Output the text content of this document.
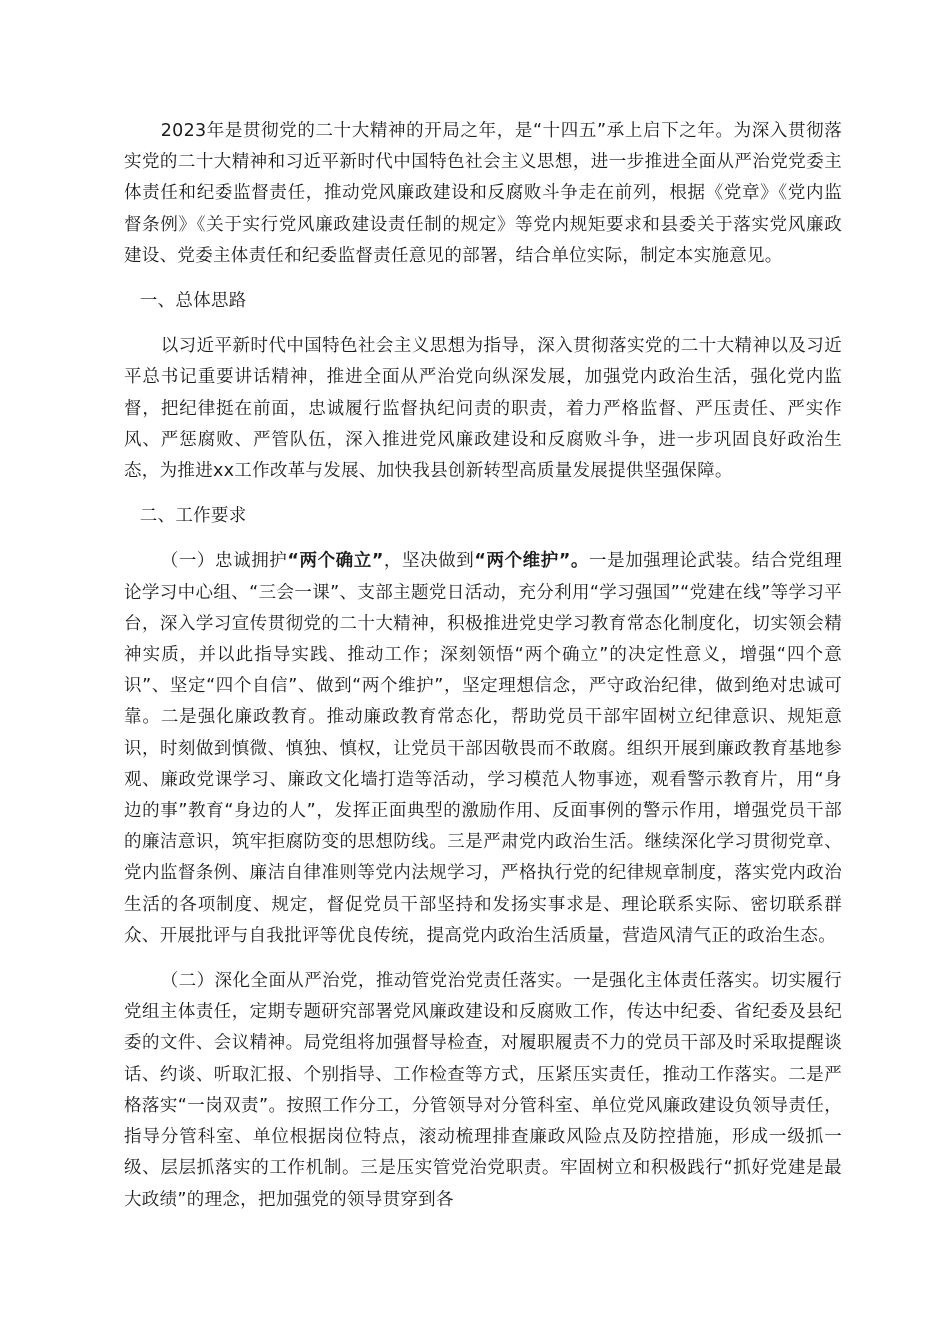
2023年是贯彻党的二十大精神的开局之年，是“十四五”承上启下之年。为深入贯彻落实党的二十大精神和习近平新时代中国特色社会主义思想，进一步推进全面从严治党党委主体责任和纪委监督责任，推动党风廉政建设和反腐败斗争走在前列，根据《党章》《党内监督条例》《关于实行党风廉政建设责任制的规定》等党内规矩要求和县委关于落实党风廉政建设、党委主体责任和纪委监督责任意见的部署，结合单位实际，制定本实施意见。

一、总体思路

以习近平新时代中国特色社会主义思想为指导，深入贯彻落实党的二十大精神以及习近平总书记重要讲话精神，推进全面从严治党向纵深发展，加强党内政治生活，强化党内监督，把纪律挺在前面，忠诚履行监督执纪问责的职责，着力严格监督、严压责任、严实作风、严惩腐败、严管队伍，深入推进党风廉政建设和反腐败斗争，进一步巩固良好政治生态，为推进xx工作改革与发展、加快我县创新转型高质量发展提供坚强保障。

二、工作要求

（一）忠诚拥护“两个确立”，坚决做到“两个维护”。一是加强理论武装。结合党组理论学习中心组、“三会一课”、支部主题党日活动，充分利用“学习强国”“党建在线”等学习平台，深入学习宣传贯彻党的二十大精神，积极推进党史学习教育常态化制度化，切实领会精神实质，并以此指导实践、推动工作；深刻领悟“两个确立”的决定性意义，增强“四个意识”、坚定“四个自信”、做到“两个维护”，坚定理想信念，严守政治纪律，做到绝对忠诚可靠。二是强化廉政教育。推动廉政教育常态化，帮助党员干部牢固树立纪律意识、规矩意识，时刻做到慎微、慎独、慎权，让党员干部因敬畏而不敢腐。组织开展到廉政教育基地参观、廉政党课学习、廉政文化墙打造等活动，学习模范人物事迹，观看警示教育片，用“身边的事”教育“身边的人”，发挥正面典型的激励作用、反面事例的警示作用，增强党员干部的廉洁意识，筑牢拒腐防变的思想防线。三是严肃党内政治生活。继续深化学习贯彻党章、党内监督条例、廉洁自律准则等党内法规学习，严格执行党的纪律规章制度，落实党内政治生活的各项制度、规定，督促党员干部坚持和发扬实事求是、理论联系实际、密切联系群众、开展批评与自我批评等优良传统，提高党内政治生活质量，营造风清气正的政治生态。

（二）深化全面从严治党，推动管党治党责任落实。一是强化主体责任落实。切实履行党组主体责任，定期专题研究部署党风廉政建设和反腐败工作，传达中纪委、省纪委及县纪委的文件、会议精神。局党组将加强督导检查，对履职履责不力的党员干部及时采取提醒谈话、约谈、听取汇报、个别指导、工作检查等方式，压紧压实责任，推动工作落实。二是严格落实“一岗双责”。按照工作分工，分管领导对分管科室、单位党风廉政建设负领导责任，指导分管科室、单位根据岗位特点，滚动梳理排查廉政风险点及防控措施，形成一级抓一级、层层抓落实的工作机制。三是压实管党治党职责。牢固树立和积极践行“抓好党建是最大政绩”的理念，把加强党的领导贯穿到各
